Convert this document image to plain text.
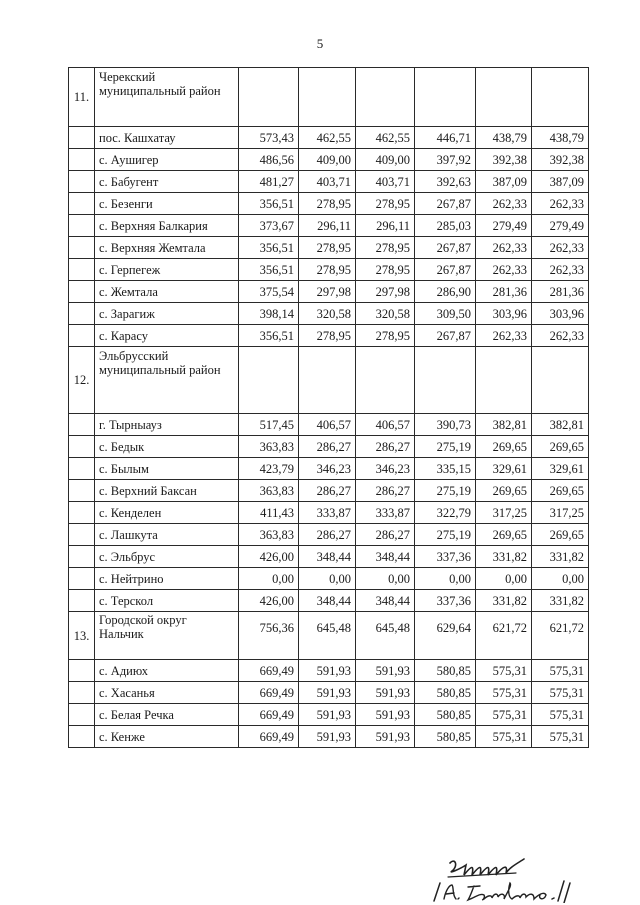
5
11.	Черекский муниципальный район						
	пос. Кашхатау	573,43	462,55	462,55	446,71	438,79	438,79
	с. Аушигер	486,56	409,00	409,00	397,92	392,38	392,38
	с. Бабугент	481,27	403,71	403,71	392,63	387,09	387,09
	с. Безенги	356,51	278,95	278,95	267,87	262,33	262,33
	с. Верхняя Балкария	373,67	296,11	296,11	285,03	279,49	279,49
	с. Верхняя Жемтала	356,51	278,95	278,95	267,87	262,33	262,33
	с. Герпегеж	356,51	278,95	278,95	267,87	262,33	262,33
	с. Жемтала	375,54	297,98	297,98	286,90	281,36	281,36
	с. Зарагиж	398,14	320,58	320,58	309,50	303,96	303,96
	с. Карасу	356,51	278,95	278,95	267,87	262,33	262,33
12.	Эльбрусский муниципальный район						
	г. Тырныауз	517,45	406,57	406,57	390,73	382,81	382,81
	с. Бедык	363,83	286,27	286,27	275,19	269,65	269,65
	с. Былым	423,79	346,23	346,23	335,15	329,61	329,61
	с. Верхний Баксан	363,83	286,27	286,27	275,19	269,65	269,65
	с. Кенделен	411,43	333,87	333,87	322,79	317,25	317,25
	с. Лашкута	363,83	286,27	286,27	275,19	269,65	269,65
	с. Эльбрус	426,00	348,44	348,44	337,36	331,82	331,82
	с. Нейтрино	0,00	0,00	0,00	0,00	0,00	0,00
	с. Терскол	426,00	348,44	348,44	337,36	331,82	331,82
13.	Городской округ Нальчик	756,36	645,48	645,48	629,64	621,72	621,72
	с. Адиюх	669,49	591,93	591,93	580,85	575,31	575,31
	с. Хасанья	669,49	591,93	591,93	580,85	575,31	575,31
	с. Белая Речка	669,49	591,93	591,93	580,85	575,31	575,31
	с. Кенже	669,49	591,93	591,93	580,85	575,31	575,31
